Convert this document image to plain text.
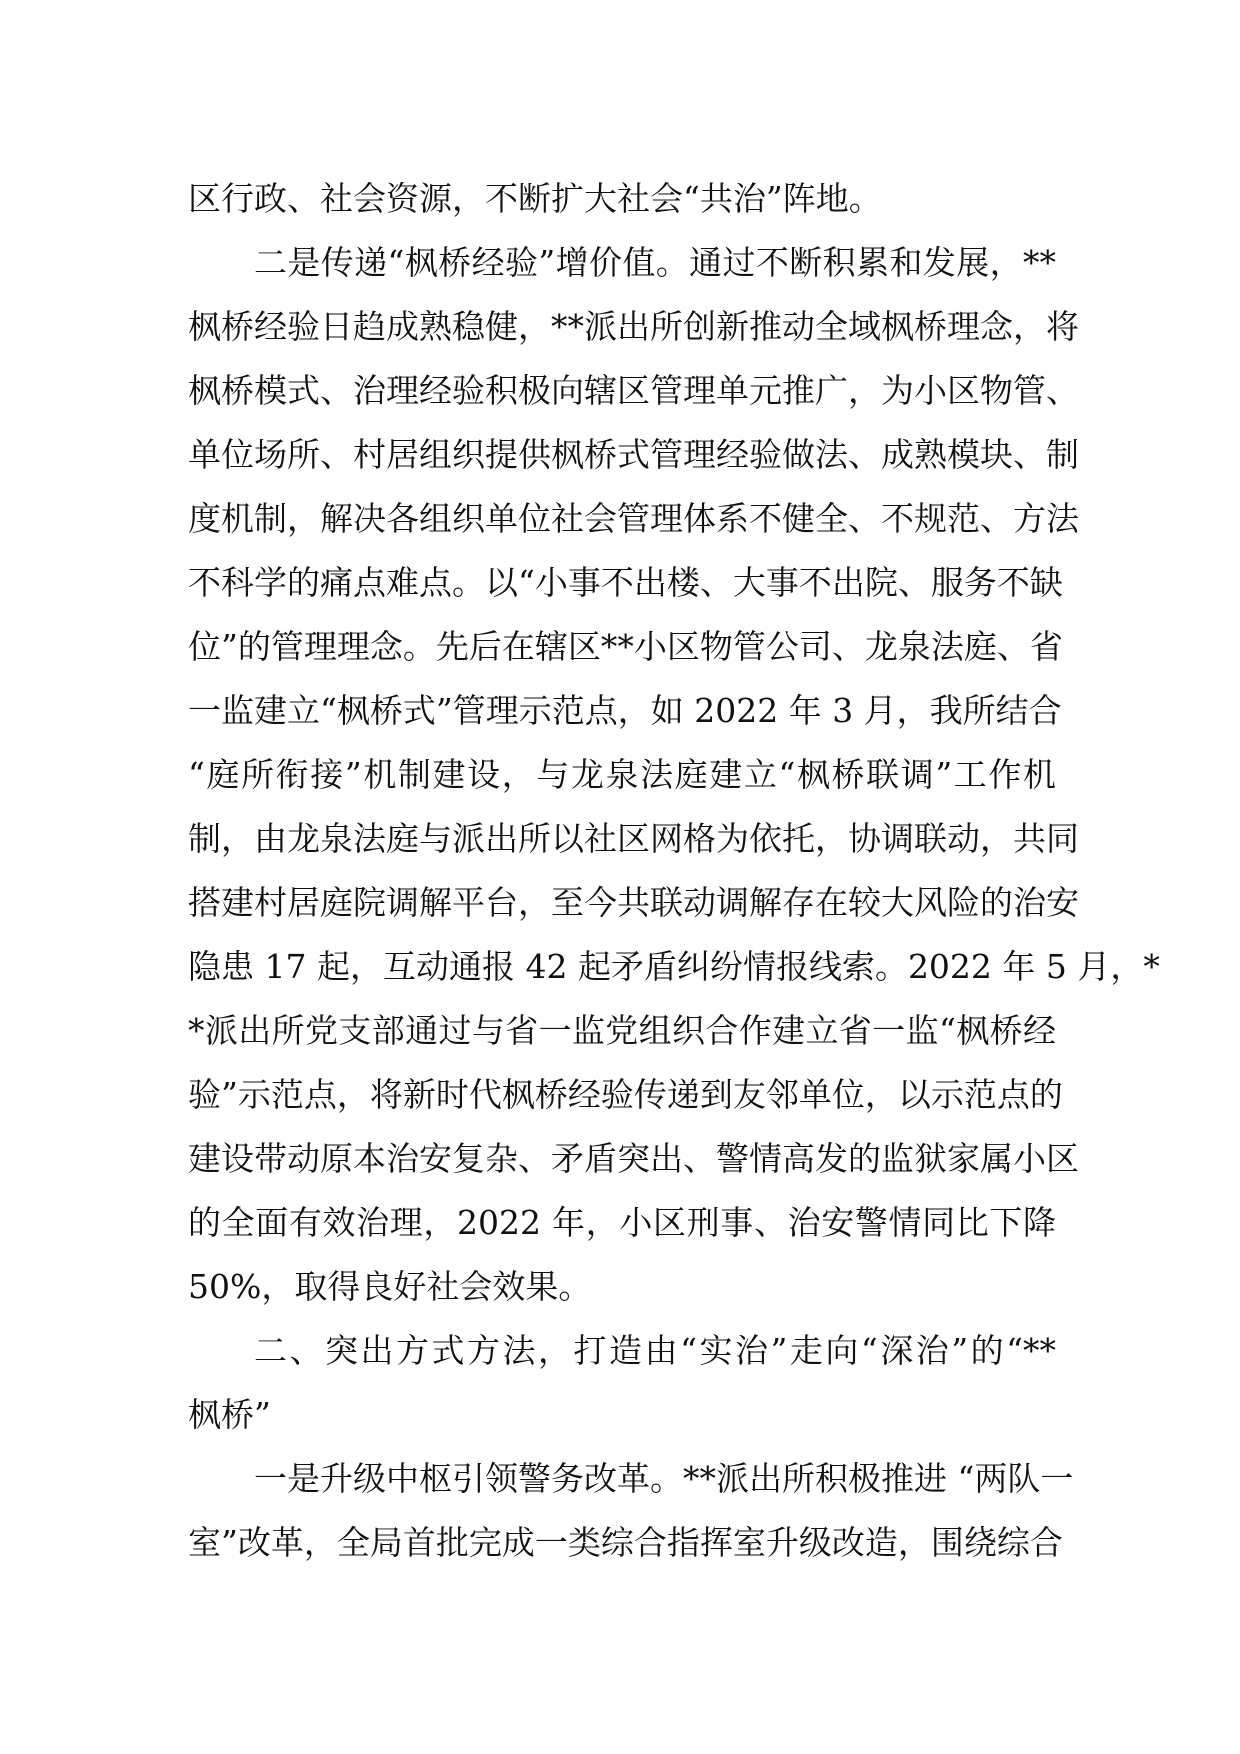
区行政、社会资源，不断扩大社会“共治”阵地。
二是传递“枫桥经验”增价值。通过不断积累和发展，**
枫桥经验日趋成熟稳健，**派出所创新推动全域枫桥理念，将
枫桥模式、治理经验积极向辖区管理单元推广，为小区物管、
单位场所、村居组织提供枫桥式管理经验做法、成熟模块、制
度机制，解决各组织单位社会管理体系不健全、不规范、方法
不科学的痛点难点。以“小事不出楼、大事不出院、服务不缺
位”的管理理念。先后在辖区**小区物管公司、龙泉法庭、省
一监建立“枫桥式”管理示范点，如 2022 年 3 月，我所结合
“庭所衔接”机制建设，与龙泉法庭建立“枫桥联调”工作机
制，由龙泉法庭与派出所以社区网格为依托，协调联动，共同
搭建村居庭院调解平台，至今共联动调解存在较大风险的治安
隐患 17 起，互动通报 42 起矛盾纠纷情报线索。2022 年 5 月，*
*派出所党支部通过与省一监党组织合作建立省一监“枫桥经
验”示范点，将新时代枫桥经验传递到友邻单位，以示范点的
建设带动原本治安复杂、矛盾突出、警情高发的监狱家属小区
的全面有效治理，2022 年，小区刑事、治安警情同比下降
50%，取得良好社会效果。
二、突出方式方法，打造由“实治”走向“深治”的“**
枫桥”
一是升级中枢引领警务改革。**派出所积极推进 “两队一
室”改革，全局首批完成一类综合指挥室升级改造，围绕综合
